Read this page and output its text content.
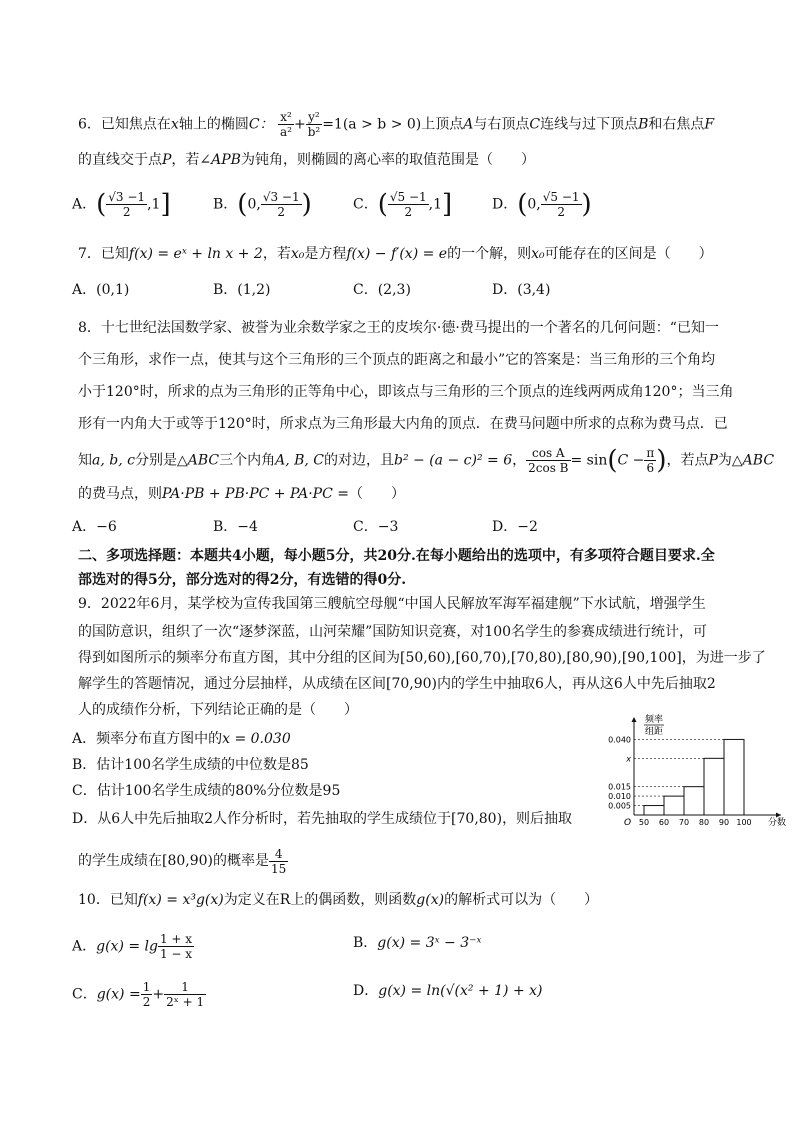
6．已知焦点在x轴上的椭圆C： $\frac{\text{x²}}{\text{a²}} + \frac{\text{y²}}{\text{b²}} =1(a > b > 0)$上顶点A与右顶点C连线与过下顶点B和右焦点F
的直线交于点P，若∠APB为钝角，则椭圆的离心率的取值范围是（　　）
A．( $\frac{√3 -1}{2} ,1$]	B．(0, $\frac{√3 -1}{2}$ )	C．( $\frac{√5 -1}{2} ,1$]	D．(0, $\frac{√5 -1}{2}$ )
7．已知f(x) = eˣ + ln x + 2，若x₀是方程f(x) − f′(x) = e的一个解，则x₀可能存在的区间是（　　）
A．(0,1)	B．(1,2)	C．(2,3)	D．(3,4)
8．十七世纪法国数学家、被誉为业余数学家之王的皮埃尔·德·费马提出的一个著名的几何问题：“已知一
个三角形，求作一点，使其与这个三角形的三个顶点的距离之和最小”它的答案是：当三角形的三个角均
小于120°时，所求的点为三角形的正等角中心，即该点与三角形的三个顶点的连线两两成角120°；当三角
形有一内角大于或等于120°时，所求点为三角形最大内角的顶点．在费马问题中所求的点称为费马点．已
知a, b, c分别是△ABC三个内角A, B, C的对边，且b² − (a − c)² = 6， $\frac{\text{cos A}}{\text{2cos B}} = \sin(C - \frac{\pi}{6}$ )，若点P为△ABC
的费马点，则PA·PB + PB·PC + PA·PC =（　　）
A．−6	B．−4	C．−3	D．−2
二、多项选择题：本题共4小题，每小题5分，共20分.在每小题给出的选项中，有多项符合题目要求.全
部选对的得5分，部分选对的得2分，有选错的得0分.
9．2022年6月，某学校为宣传我国第三艘航空母舰“中国人民解放军海军福建舰”下水试航，增强学生
的国防意识，组织了一次“逐梦深蓝，山河荣耀”国防知识竞赛，对100名学生的参赛成绩进行统计，可
得到如图所示的频率分布直方图，其中分组的区间为[50,60),[60,70),[70,80),[80,90),[90,100]，为进一步了
解学生的答题情况，通过分层抽样，从成绩在区间[70,90)内的学生中抽取6人，再从这6人中先后抽取2
人的成绩作分析，下列结论正确的是（　　）
A．频率分布直方图中的x = 0.030
B．估计100名学生成绩的中位数是85
C．估计100名学生成绩的80%分位数是95
D．从6人中先后抽取2人作分析时，若先抽取的学生成绩位于[70,80)，则后抽取
的学生成绩在[80,90)的概率是 $\frac{4}{15}$
频率
组距
分数
O
0.040
x
0.015
0.010
0.005
50 60 70 80 90 100
10．已知f(x) = x³g(x)为定义在R上的偶函数，则函数g(x)的解析式可以为（　　）
A．$g(x) = \lg \frac{1 + x}{1 - x}$	B．g(x) = 3ˣ − 3⁻ˣ
C．$g(x) = \frac{1}{2} + \frac{1}{\text{2ˣ + 1}}$	D．g(x) = ln(√(x² + 1) + x)
